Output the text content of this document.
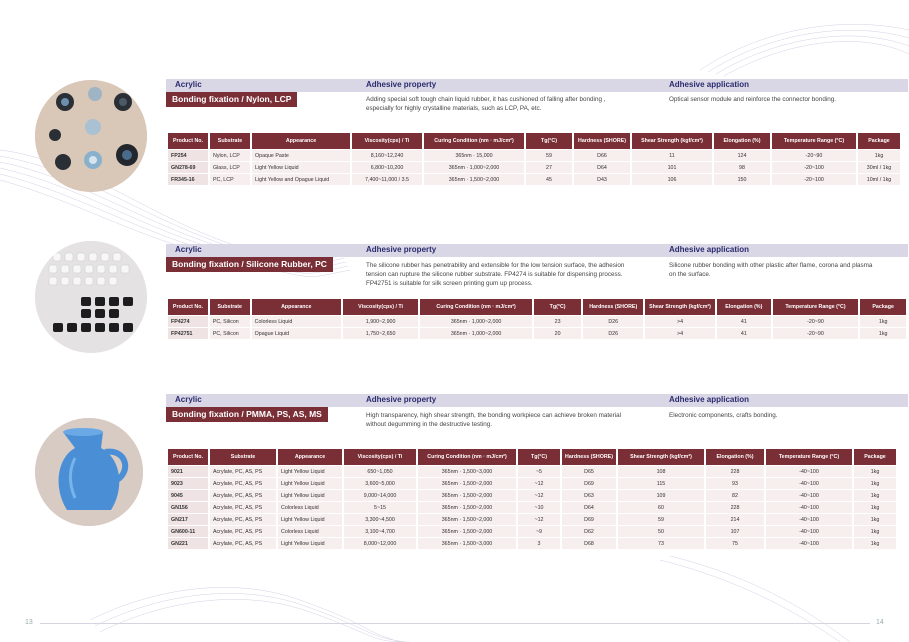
Acrylic	Adhesive property	Adhesive application
Bonding fixation / Nylon, LCP	Adding special soft tough chain liquid rubber, it has cushioned of falling after bonding , especially for highly crystalline materials, such as LCP, PA, etc.
Optical sensor module and reinforce the connector bonding.
Product No.	Substrate	Appearance	Viscosity(cps) / Ti	Curing Condition (nm · mJ/cm²)	Tg(°C)	Hardness (SHORE)	Shear Strength (kgf/cm²)	Elongation (%)	Temperature Range (°C)	Package
FP254	Nylon, LCP	Opaque Paste	8,160~12,240	365nm · 15,000	59	D66	11	124	-20~90	1kg
GN278-69	Glass, LCP	Light Yellow Liquid	6,800~10,200	365nm · 1,000~2,000	27	D64	101	98	-20~100	30ml / 1kg
FR345-16	PC, LCP	Light Yellow and Opague Liquid	7,400~11,000 / 3.5	365nm · 1,500~2,000	45	D43	106	150	-20~100	10ml / 1kg
Acrylic	Adhesive property	Adhesive application
Bonding fixation / Silicone Rubber, PC	The silicone rubber has penetrability and extensible for the low tension surface, the adhesion tension can rupture the silicone rubber substrate. FP4274 is suitable for dispensing process. FP42751 is suitable for silk screen printing gum up process.
Silicone rubber bonding with other plastic after flame, corona and plasma on the surface.
Product No.	Substrate	Appearance	Viscosity(cps) / Ti	Curing Condition (nm · mJ/cm²)	Tg(°C)	Hardness (SHORE)	Shear Strength (kgf/cm²)	Elongation (%)	Temperature Range (°C)	Package
FP4274	PC, Silicon	Colorless Liquid	1,900~2,900	365nm · 1,000~2,000	23	D26	>4	41	-20~90	1kg
FP42751	PC, Silicon	Opague Liquid	1,750~2,650	365nm · 1,000~2,000	20	D26	>4	41	-20~90	1kg
Acrylic	Adhesive property	Adhesive application
Bonding fixation / PMMA, PS, AS, MS	High transparency, high shear strength, the bonding workpiece can achieve broken material without degumming in the destructive testing.
Electronic components, crafts bonding.
Product No.	Substrate	Appearance	Viscosity(cps) / Ti	Curing Condition (nm · mJ/cm²)	Tg(°C)	Hardness (SHORE)	Shear Strength (kgf/cm²)	Elongation (%)	Temperature Range (°C)	Package
9021	Acrylate, PC, AS, PS	Light Yellow Liquid	650~1,050	365nm · 1,500~3,000	~5	D65	108	228	-40~100	1kg
9023	Acrylate, PC, AS, PS	Light Yellow Liquid	3,600~5,000	365nm · 1,500~2,000	~12	D69	115	93	-40~100	1kg
9045	Acrylate, PC, AS, PS	Light Yellow Liquid	9,000~14,000	365nm · 1,500~2,000	~12	D63	109	82	-40~100	1kg
GN156	Acrylate, PC, AS, PS	Colorless Liquid	5~15	365nm · 1,500~2,000	~10	D64	60	228	-40~100	1kg
GN217	Acrylate, PC, AS, PS	Light Yellow Liquid	3,300~4,500	365nm · 1,500~2,000	~12	D69	59	214	-40~100	1kg
GN600-11	Acrylate, PC, AS, PS	Colorless Liquid	3,100~4,700	365nm · 1,500~2,000	~9	D62	50	107	-40~100	1kg
GN221	Acrylate, PC, AS, PS	Light Yellow Liquid	8,000~12,000	365nm · 1,500~3,000	3	D68	73	75	-40~100	1kg
13	14
